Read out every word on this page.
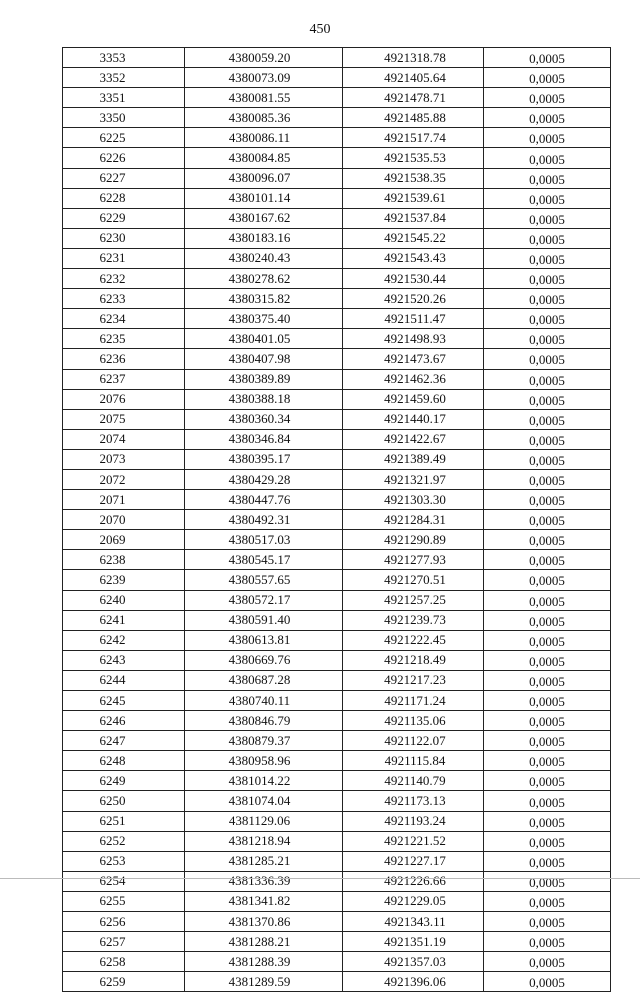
450
3353	4380059.20	4921318.78	0,0005
3352	4380073.09	4921405.64	0,0005
3351	4380081.55	4921478.71	0,0005
3350	4380085.36	4921485.88	0,0005
6225	4380086.11	4921517.74	0,0005
6226	4380084.85	4921535.53	0,0005
6227	4380096.07	4921538.35	0,0005
6228	4380101.14	4921539.61	0,0005
6229	4380167.62	4921537.84	0,0005
6230	4380183.16	4921545.22	0,0005
6231	4380240.43	4921543.43	0,0005
6232	4380278.62	4921530.44	0,0005
6233	4380315.82	4921520.26	0,0005
6234	4380375.40	4921511.47	0,0005
6235	4380401.05	4921498.93	0,0005
6236	4380407.98	4921473.67	0,0005
6237	4380389.89	4921462.36	0,0005
2076	4380388.18	4921459.60	0,0005
2075	4380360.34	4921440.17	0,0005
2074	4380346.84	4921422.67	0,0005
2073	4380395.17	4921389.49	0,0005
2072	4380429.28	4921321.97	0,0005
2071	4380447.76	4921303.30	0,0005
2070	4380492.31	4921284.31	0,0005
2069	4380517.03	4921290.89	0,0005
6238	4380545.17	4921277.93	0,0005
6239	4380557.65	4921270.51	0,0005
6240	4380572.17	4921257.25	0,0005
6241	4380591.40	4921239.73	0,0005
6242	4380613.81	4921222.45	0,0005
6243	4380669.76	4921218.49	0,0005
6244	4380687.28	4921217.23	0,0005
6245	4380740.11	4921171.24	0,0005
6246	4380846.79	4921135.06	0,0005
6247	4380879.37	4921122.07	0,0005
6248	4380958.96	4921115.84	0,0005
6249	4381014.22	4921140.79	0,0005
6250	4381074.04	4921173.13	0,0005
6251	4381129.06	4921193.24	0,0005
6252	4381218.94	4921221.52	0,0005
6253	4381285.21	4921227.17	0,0005
6254	4381336.39	4921226.66	0,0005
6255	4381341.82	4921229.05	0,0005
6256	4381370.86	4921343.11	0,0005
6257	4381288.21	4921351.19	0,0005
6258	4381288.39	4921357.03	0,0005
6259	4381289.59	4921396.06	0,0005
